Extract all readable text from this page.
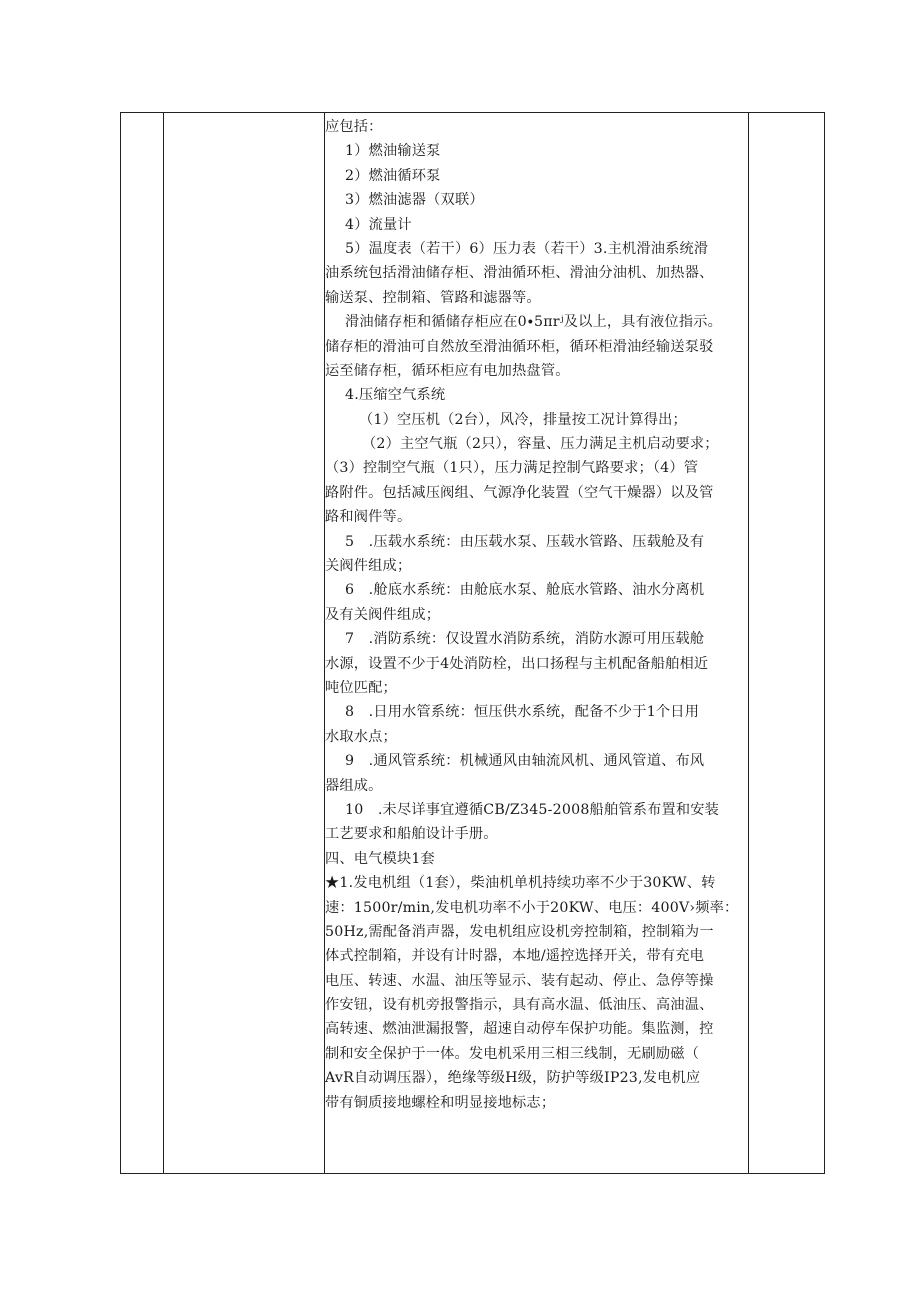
应包括：
1）燃油输送泵
2）燃油循环泵
3）燃油滤器（双联）
4）流量计
5）温度表（若干）6）压力表（若干）3.主机滑油系统滑
油系统包括滑油储存柜、滑油循环柜、滑油分油机、加热器、
输送泵、控制箱、管路和滤器等。
滑油储存柜和循储存柜应在0∙5πrʲ及以上，具有液位指示。
储存柜的滑油可自然放至滑油循环柜，循环柜滑油经输送泵驳
运至储存柜，循环柜应有电加热盘管。
4.压缩空气系统
（1）空压机（2台），风冷，排量按工况计算得出；
（2）主空气瓶（2只），容量、压力满足主机启动要求；
（3）控制空气瓶（1只），压力满足控制气路要求；（4）管
路附件。包括减压阀组、气源净化装置（空气干燥器）以及管
路和阀件等。
5　.压载水系统：由压载水泵、压载水管路、压载舱及有
关阀件组成；
6　.舱底水系统：由舱底水泵、舱底水管路、油水分离机
及有关阀件组成；
7　.消防系统：仅设置水消防系统，消防水源可用压载舱
水源，设置不少于4处消防栓，出口扬程与主机配备船舶相近
吨位匹配；
8　.日用水管系统：恒压供水系统，配备不少于1个日用
水取水点；
9　.通风管系统：机械通风由轴流风机、通风管道、布风
器组成。
10　.未尽详事宜遵循CB/Z345-2008船舶管系布置和安装
工艺要求和船舶设计手册。
四、电气模块1套
★1.发电机组（1套），柴油机单机持续功率不少于30KW、转
速：1500r/min,发电机功率不小于20KW、电压：400V›频率：
50Hz,需配备消声器，发电机组应设机旁控制箱，控制箱为一
体式控制箱，并设有计时器，本地/遥控选择开关，带有充电
电压、转速、水温、油压等显示、装有起动、停止、急停等操
作安钮，设有机旁报警指示，具有高水温、低油压、高油温、
高转速、燃油泄漏报警，超速自动停车保护功能。集监测，控
制和安全保护于一体。发电机采用三相三线制，无刷励磁（
AvR自动调压器），绝缘等级H级，防护等级IP23,发电机应
带有铜质接地螺栓和明显接地标志；
